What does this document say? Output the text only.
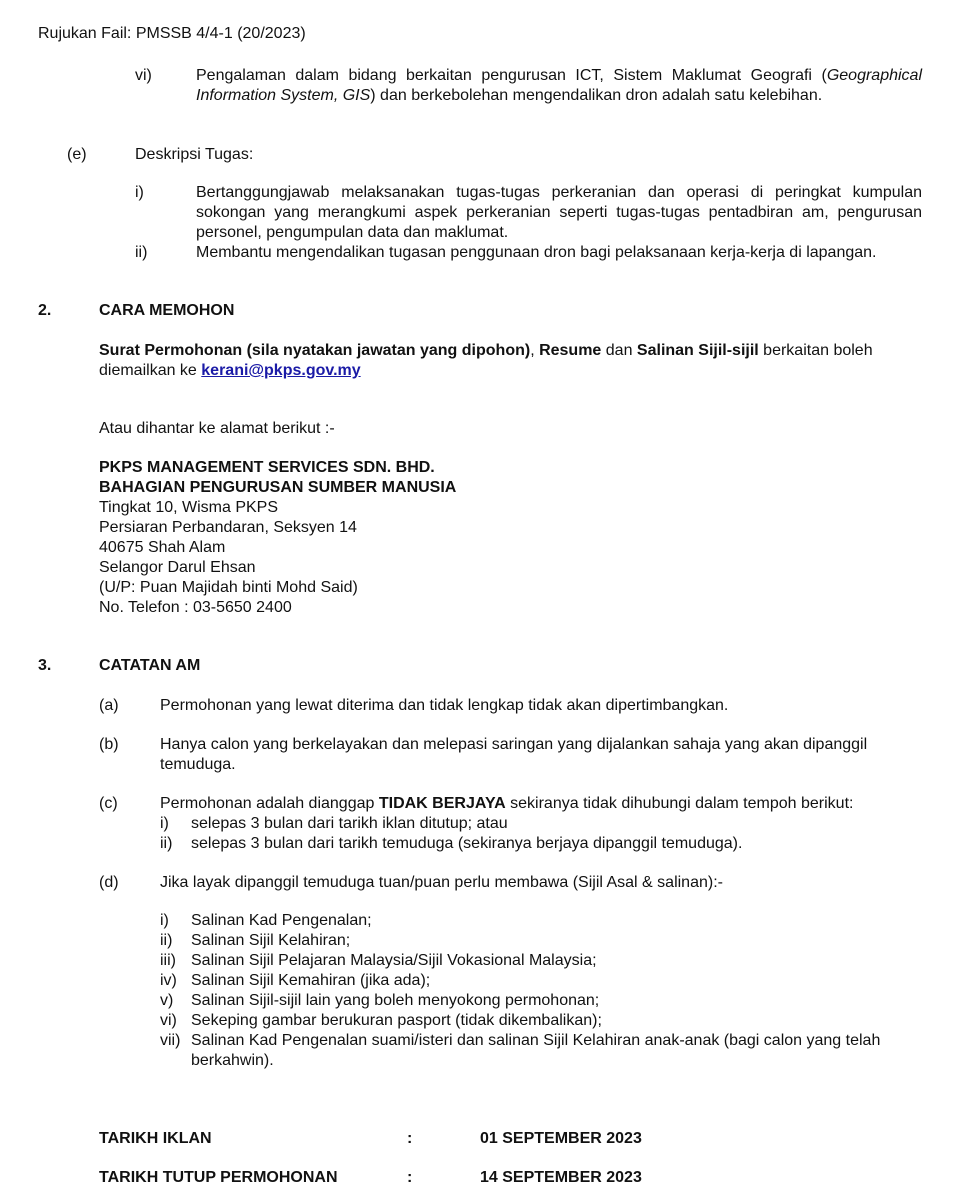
Rujukan Fail: PMSSB 4/4-1 (20/2023)
vi)	Pengalaman dalam bidang berkaitan pengurusan ICT, Sistem Maklumat Geografi (Geographical Information System, GIS) dan berkebolehan mengendalikan dron adalah satu kelebihan.
(e)	Deskripsi Tugas:
i)	Bertanggungjawab melaksanakan tugas-tugas perkeranian dan operasi di peringkat kumpulan sokongan yang merangkumi aspek perkeranian seperti tugas-tugas pentadbiran am, pengurusan personel, pengumpulan data dan maklumat.
ii)	Membantu mengendalikan tugasan penggunaan dron bagi pelaksanaan kerja-kerja di lapangan.
2.	CARA MEMOHON
Surat Permohonan (sila nyatakan jawatan yang dipohon), Resume dan Salinan Sijil-sijil berkaitan boleh diemailkan ke kerani@pkps.gov.my
Atau dihantar ke alamat berikut :-
PKPS MANAGEMENT SERVICES SDN. BHD.
BAHAGIAN PENGURUSAN SUMBER MANUSIA
Tingkat 10, Wisma PKPS
Persiaran Perbandaran, Seksyen 14
40675 Shah Alam
Selangor Darul Ehsan
(U/P: Puan Majidah binti Mohd Said)
No. Telefon : 03-5650 2400
3.	CATATAN AM
(a)	Permohonan yang lewat diterima dan tidak lengkap tidak akan dipertimbangkan.
(b)	Hanya calon yang berkelayakan dan melepasi saringan yang dijalankan sahaja yang akan dipanggil temuduga.
(c)	Permohonan adalah dianggap TIDAK BERJAYA sekiranya tidak dihubungi dalam tempoh berikut:
i) selepas 3 bulan dari tarikh iklan ditutup; atau
ii) selepas 3 bulan dari tarikh temuduga (sekiranya berjaya dipanggil temuduga).
(d)	Jika layak dipanggil temuduga tuan/puan perlu membawa (Sijil Asal & salinan):-
i) Salinan Kad Pengenalan;
ii) Salinan Sijil Kelahiran;
iii) Salinan Sijil Pelajaran Malaysia/Sijil Vokasional Malaysia;
iv) Salinan Sijil Kemahiran (jika ada);
v) Salinan Sijil-sijil lain yang boleh menyokong permohonan;
vi) Sekeping gambar berukuran pasport (tidak dikembalikan);
vii) Salinan Kad Pengenalan suami/isteri dan salinan Sijil Kelahiran anak-anak (bagi calon yang telah berkahwin).
TARIKH IKLAN	:	01 SEPTEMBER 2023
TARIKH TUTUP PERMOHONAN	:	14 SEPTEMBER 2023
